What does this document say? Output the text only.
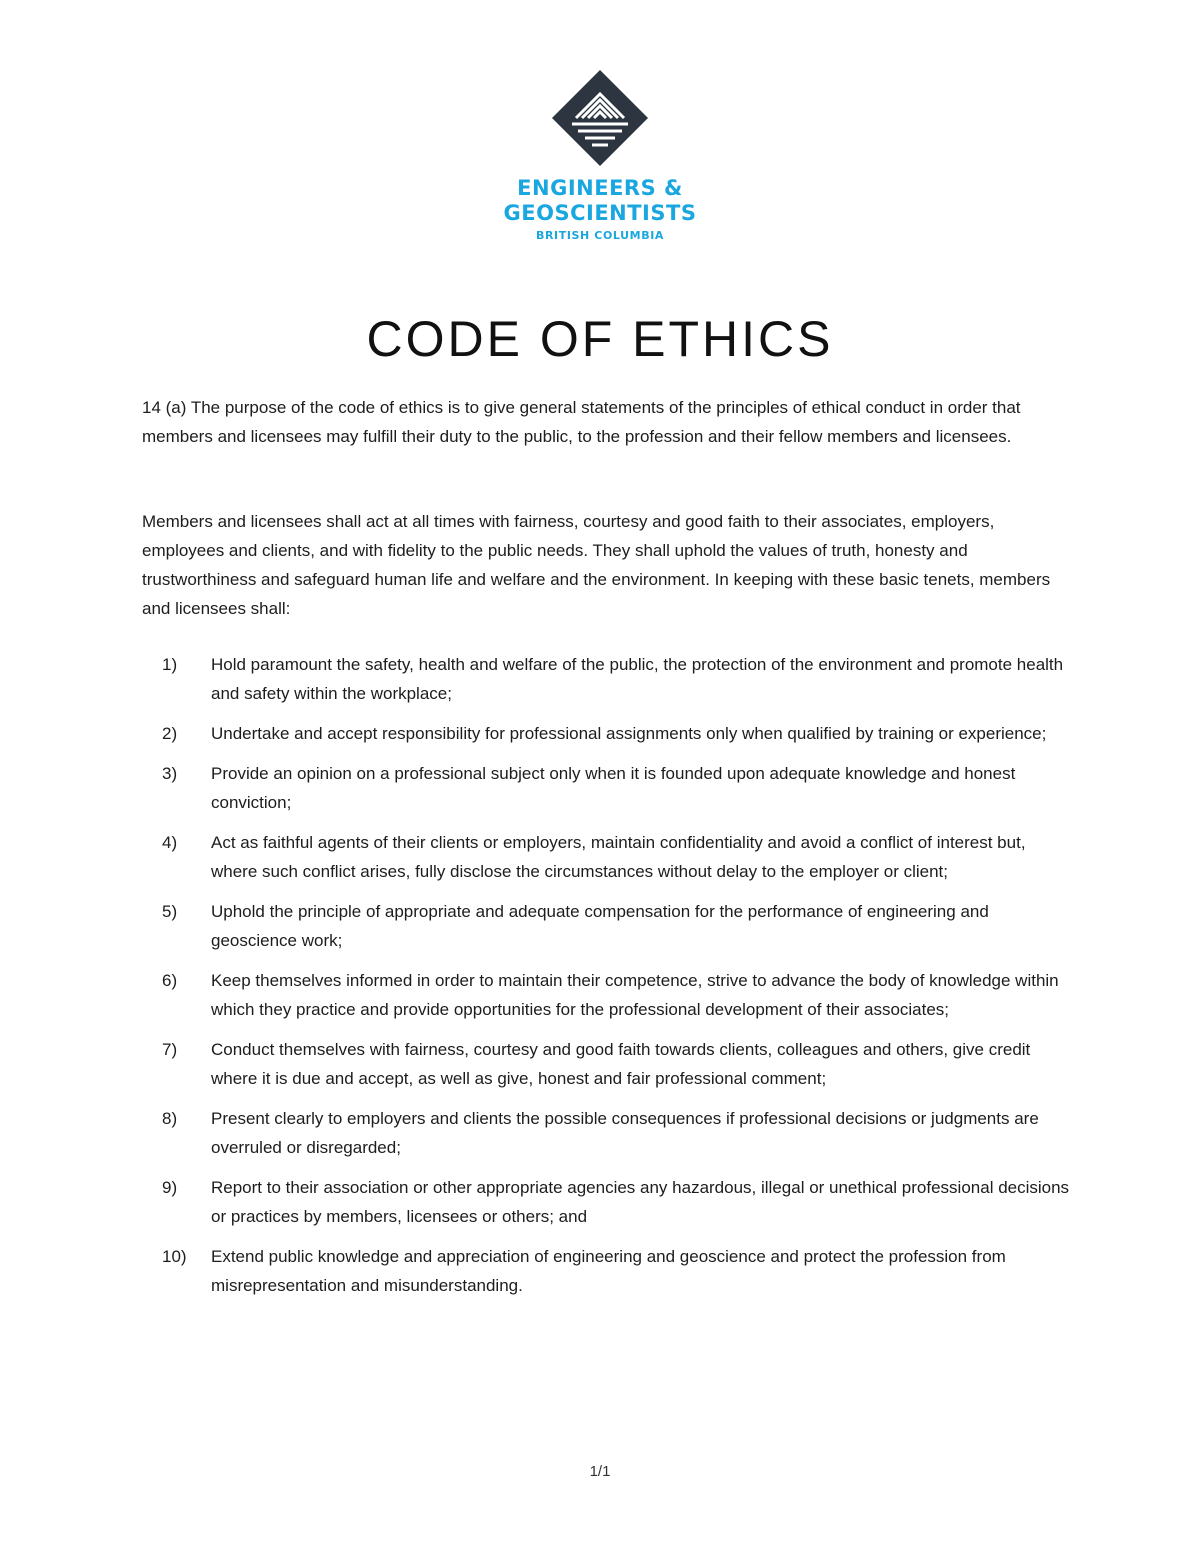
ENGINEERS &
GEOSCIENTISTS
BRITISH COLUMBIA
CODE OF ETHICS

14 (a) The purpose of the code of ethics is to give general statements of the principles of ethical conduct in order that members and licensees may fulfill their duty to the public, to the profession and their fellow members and licensees.

Members and licensees shall act at all times with fairness, courtesy and good faith to their associates, employers, employees and clients, and with fidelity to the public needs. They shall uphold the values of truth, honesty and trustworthiness and safeguard human life and welfare and the environment. In keeping with these basic tenets, members and licensees shall:

1) Hold paramount the safety, health and welfare of the public, the protection of the environment and promote health and safety within the workplace;
2) Undertake and accept responsibility for professional assignments only when qualified by training or experience;
3) Provide an opinion on a professional subject only when it is founded upon adequate knowledge and honest conviction;
4) Act as faithful agents of their clients or employers, maintain confidentiality and avoid a conflict of interest but, where such conflict arises, fully disclose the circumstances without delay to the employer or client;
5) Uphold the principle of appropriate and adequate compensation for the performance of engineering and geoscience work;
6) Keep themselves informed in order to maintain their competence, strive to advance the body of knowledge within which they practice and provide opportunities for the professional development of their associates;
7) Conduct themselves with fairness, courtesy and good faith towards clients, colleagues and others, give credit where it is due and accept, as well as give, honest and fair professional comment;
8) Present clearly to employers and clients the possible consequences if professional decisions or judgments are overruled or disregarded;
9) Report to their association or other appropriate agencies any hazardous, illegal or unethical professional decisions or practices by members, licensees or others; and
10) Extend public knowledge and appreciation of engineering and geoscience and protect the profession from misrepresentation and misunderstanding.
1/1
